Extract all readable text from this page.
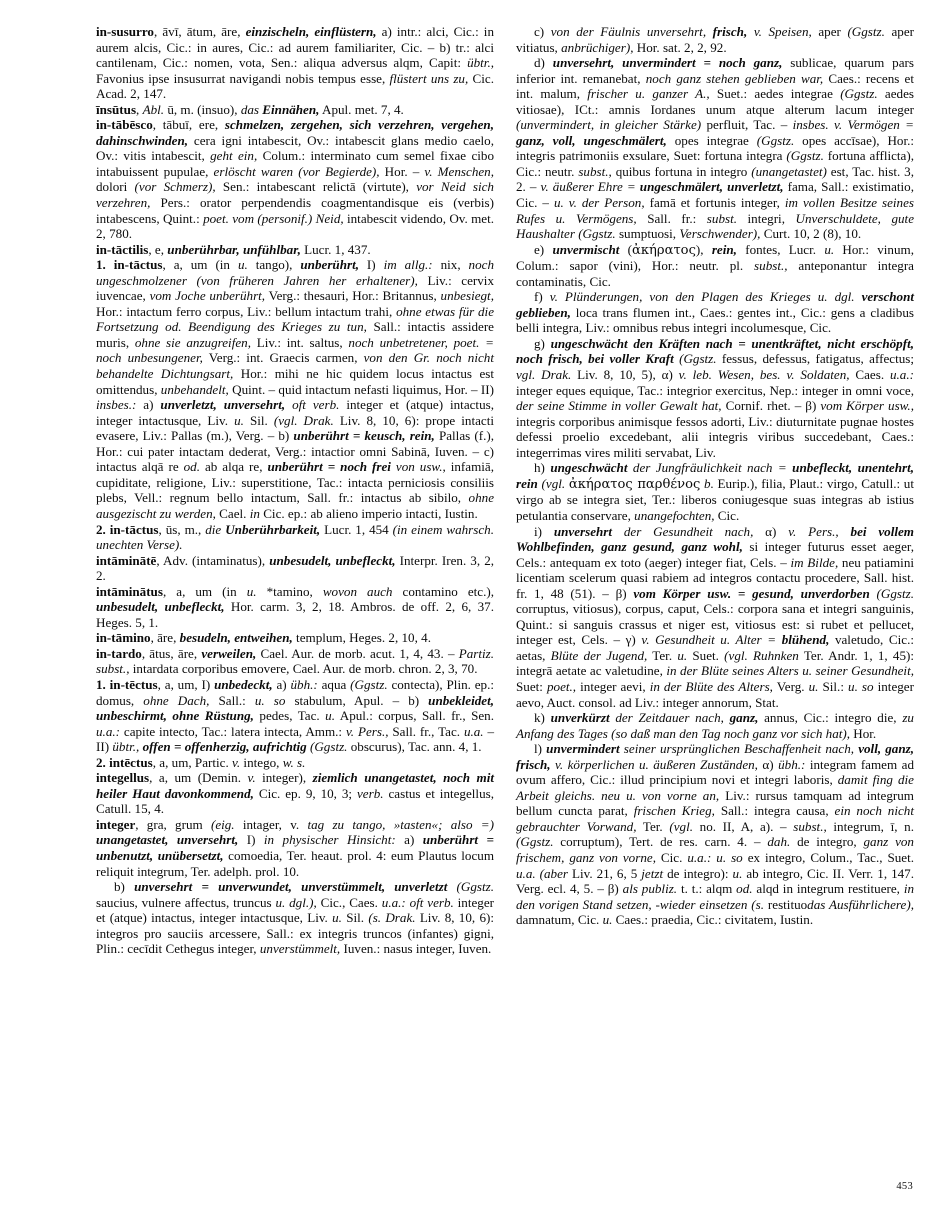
in-susurro, āvī, ātum, āre, einzischeln, einflüstern, a) intr.: alci, Cic.: in aurem alcis, Cic.: in aures, Cic.: ad aurem familiariter, Cic. – b) tr.: alci cantilenam, Cic.: nomen, vota, Sen.: aliqua adversus alqm, Capit: übtr., Favonius ipse insusurrat navigandi nobis tempus esse, flüstert uns zu, Cic. Acad. 2, 147.
īnsūtus, Abl. ū, m. (insuo), das Einnähen, Apul. met. 7, 4.
in-tābēsco, tābuī, ere, schmelzen, zergehen, sich verzehren, vergehen, dahinschwinden, cera igni intabescit, Ov.: intabescit glans medio caelo, Ov.: vitis intabescit, geht ein, Colum.: interminato cum semel fixae cibo intabuissent pupulae, erlöscht waren (vor Begierde), Hor. – v. Menschen, dolori (vor Schmerz), Sen.: intabescant relictā (virtute), vor Neid sich verzehren, Pers.: orator perpendendis coagmentandisque eis (verbis) intabescens, Quint.: poet. vom (personif.) Neid, intabescit videndo, Ov. met. 2, 780.
in-tāctilis, e, unberührbar, unfühlbar, Lucr. 1, 437.
1. in-tāctus, a, um (in u. tango), unberührt, I) im allg.: nix, noch ungeschmolzener (von früheren Jahren her erhaltener), Liv.: cervix iuvencae, vom Joche unberührt, Verg.: thesauri, Hor.: Britannus, unbesiegt, Hor.: intactum ferro corpus, Liv.: bellum intactum trahi, ohne etwas für die Fortsetzung od. Beendigung des Krieges zu tun, Sall.: intactis assidere muris, ohne sie anzugreifen, Liv.: int. saltus, noch unbetretener, poet. = noch unbesungener, Verg.: int. Graecis carmen, von den Gr. noch nicht behandelte Dichtungsart, Hor.: mihi ne hic quidem locus intactus est omittendus, unbehandelt, Quint. – quid intactum nefasti liquimus, Hor. – II) insbes.: a) unverletzt, unversehrt, oft verb. integer et (atque) intactus, integer intactusque, Liv. u. Sil. (vgl. Drak. Liv. 8, 10, 6): prope intacti evasere, Liv.: Pallas (m.), Verg. – b) unberührt = keusch, rein, Pallas (f.), Hor.: cui pater intactam dederat, Verg.: intactior omni Sabinā, Iuven. – c) intactus alqā re od. ab alqa re, unberührt = noch frei von usw., infamiā, cupiditate, religione, Liv.: superstitione, Tac.: intacta perniciosis consiliis plebs, Vell.: regnum bello intactum, Sall. fr.: intactus ab sibilo, ohne ausgezischt zu werden, Cael. in Cic. ep.: ab alieno imperio intacti, Iustin.
2. in-tāctus, ūs, m., die Unberührbarkeit, Lucr. 1, 454 (in einem wahrsch. unechten Verse).
intāminātē, Adv. (intaminatus), unbesudelt, unbefleckt, Interpr. Iren. 3, 2, 2.
intāminātus, a, um (in u. *tamino, wovon auch contamino etc.), unbesudelt, unbefleckt, Hor. carm. 3, 2, 18. Ambros. de off. 2, 6, 37. Heges. 5, 1.
in-tāmino, āre, besudeln, entweihen, templum, Heges. 2, 10, 4.
in-tardo, ātus, āre, verweilen, Cael. Aur. de morb. acut. 1, 4, 43. – Partiz. subst., intardata corporibus emovere, Cael. Aur. de morb. chron. 2, 3, 70.
1. in-tēctus, a, um, I) unbedeckt, a) übh.: aqua (Ggstz. contecta), Plin. ep.: domus, ohne Dach, Sall.: u. so stabulum, Apul. – b) unbekleidet, unbeschirmt, ohne Rüstung, pedes, Tac. u. Apul.: corpus, Sall. fr., Sen. u.a.: capite intecto, Tac.: latera intecta, Amm.: v. Pers., Sall. fr., Tac. u.a. – II) übtr., offen = offenherzig, aufrichtig (Ggstz. obscurus), Tac. ann. 4, 1.
2. intēctus, a, um, Partic. v. intego, w. s.
integellus, a, um (Demin. v. integer), ziemlich unangetastet, noch mit heiler Haut davonkommend, Cic. ep. 9, 10, 3; verb. castus et integellus, Catull. 15, 4.
integer, gra, grum (eig. intager, v. tag zu tango, »tasten«; also =) unangetastet, unversehrt, I) in physischer Hinsicht: a) unberührt = unbenutzt, unübersetzt, comoedia, Ter. heaut. prol. 4: eum Plautus locum reliquit integrum, Ter. adelph. prol. 10.
b) unversehrt = unverwundet, unverstümmelt, unverletzt (Ggstz. saucius, vulnere affectus, truncus u. dgl.), Cic., Caes. u.a.: oft verb. integer et (atque) intactus, integer intactusque, Liv. u. Sil. (s. Drak. Liv. 8, 10, 6): integros pro sauciis arcessere, Sall.: ex integris truncos (infantes) gigni, Plin.: cecīdit Cethegus integer, unverstümmelt, Iuven.: nasus integer, Iuven.
c) von der Fäulnis unversehrt, frisch, v. Speisen, aper (Ggstz. aper vitiatus, anbrüchiger), Hor. sat. 2, 2, 92.
d) unversehrt, unvermindert = noch ganz, sublicae, quarum pars inferior int. remanebat, noch ganz stehen geblieben war, Caes.: recens et int. malum, frischer u. ganzer A., Suet.: aedes integrae (Ggstz. aedes vitiosae), ICt.: amnis Iordanes unum atque alterum lacum integer (unvermindert, in gleicher Stärke) perfluit, Tac. – insbes. v. Vermögen = ganz, voll, ungeschmälert, opes integrae (Ggstz. opes accīsae), Hor.: integris patrimoniis exsulare, Suet: fortuna integra (Ggstz. fortuna afflicta), Cic.: neutr. subst., quibus fortuna in integro (unangetastet) est, Tac. hist. 3, 2. – v. äußerer Ehre = ungeschmälert, unverletzt, fama, Sall.: existimatio, Cic. – u. v. der Person, famā et fortunis integer, im vollen Besitze seines Rufes u. Vermögens, Sall. fr.: subst. integri, Unverschuldete, gute Haushalter (Ggstz. sumptuosi, Verschwender), Curt. 10, 2 (8), 10.
e) unvermischt (ἀκήρατος), rein, fontes, Lucr. u. Hor.: vinum, Colum.: sapor (vini), Hor.: neutr. pl. subst., anteponantur integra contaminatis, Cic.
f) v. Plünderungen, von den Plagen des Krieges u. dgl. verschont geblieben, loca trans flumen int., Caes.: gentes int., Cic.: gens a cladibus belli integra, Liv.: omnibus rebus integri incolumesque, Cic.
g) ungeschwächt den Kräften nach = unentkräftet, nicht erschöpft, noch frisch, bei voller Kraft (Ggstz. fessus, defessus, fatigatus, affectus; vgl. Drak. Liv. 8, 10, 5), α) v. leb. Wesen, bes. v. Soldaten, Caes. u.a.: integer eques equique, Tac.: integrior exercitus, Nep.: integer in omni voce, der seine Stimme in voller Gewalt hat, Cornif. rhet. – β) vom Körper usw., integris corporibus animisque fessos adorti, Liv.: diuturnitate pugnae hostes defessi proelio excedebant, alii integris viribus succedebant, Caes.: integerrimas vires militi servabat, Liv.
h) ungeschwächt der Jungfräulichkeit nach = unbefleckt, unentehrt, rein (vgl. ἀκήρατος παρθένος b. Eurip.), filia, Plaut.: virgo, Catull.: ut virgo ab se integra siet, Ter.: liberos coniugesque suas integras ab istius petulantia conservare, unangefochten, Cic.
i) unversehrt der Gesundheit nach, α) v. Pers., bei vollem Wohlbefinden, ganz gesund, ganz wohl, si integer futurus esset aeger, Cels.: antequam ex toto (aeger) integer fiat, Cels. – im Bilde, neu patiamini licentiam scelerum quasi rabiem ad integros contactu procedere, Sall. hist. fr. 1, 48 (51). – β) vom Körper usw. = gesund, unverdorben (Ggstz. corruptus, vitiosus), corpus, caput, Cels.: corpora sana et integri sanguinis, Quint.: si sanguis crassus et niger est, vitiosus est: si rubet et pellucet, integer est, Cels. – γ) v. Gesundheit u. Alter = blühend, valetudo, Cic.: aetas, Blüte der Jugend, Ter. u. Suet. (vgl. Ruhnken Ter. Andr. 1, 1, 45): integrā aetate ac valetudine, in der Blüte seines Alters u. seiner Gesundheit, Suet: poet., integer aevi, in der Blüte des Alters, Verg. u. Sil.: u. so integer aevo, Auct. consol. ad Liv.: integer annorum, Stat.
k) unverkürzt der Zeitdauer nach, ganz, annus, Cic.: integro die, zu Anfang des Tages (so daß man den Tag noch ganz vor sich hat), Hor.
l) unvermindert seiner ursprünglichen Beschaffenheit nach, voll, ganz, frisch, v. körperlichen u. äußeren Zuständen, α) übh.: integram famem ad ovum affero, Cic.: illud principium novi et integri laboris, damit fing die Arbeit gleichs. neu u. von vorne an, Liv.: rursus tamquam ad integrum bellum cuncta parat, frischen Krieg, Sall.: integra causa, ein noch nicht gebrauchter Vorwand, Ter. (vgl. no. II, A, a). – subst., integrum, ī, n. (Ggstz. corruptum), Tert. de res. carn. 4. – dah. de integro, ganz von frischem, ganz von vorne, Cic. u.a.: u. so ex integro, Colum., Tac., Suet. u.a. (aber Liv. 21, 6, 5 jetzt de integro): u. ab integro, Cic. II. Verr. 1, 147. Verg. ecl. 4, 5. – β) als publiz. t. t.: alqm od. alqd in integrum restituere, in den vorigen Stand setzen, -wieder einsetzen (s. restituodas Ausführlichere), damnatum, Cic. u. Caes.: praedia, Cic.: civitatem, Iustin.
453
